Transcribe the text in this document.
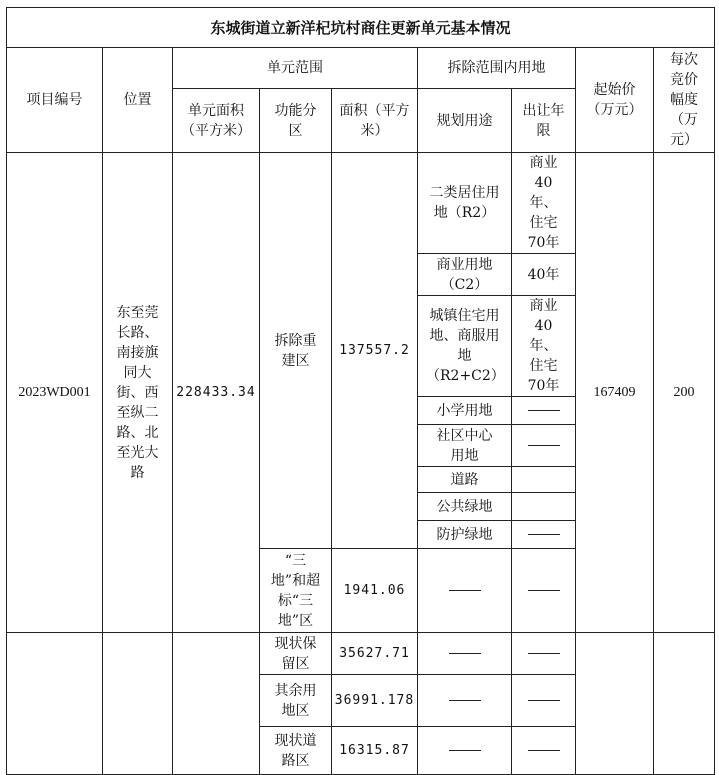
东城街道立新洋杞坑村商住更新单元基本情况								
项目编号	位置	单元范围			拆除范围内用地		起始价（万元）	每次竞价幅度（万元）
		单元面积（平方米）	功能分区	面积（平方米）	规划用途	出让年限		
2023WD001	东至莞长路、南接旗同大街、西至纵二路、北至光大路	228433.34	拆除重建区	137557.2	二类居住用地（R2）	商业40年、住宅70年	167409	200
					商业用地（C2）	40年		
					城镇住宅用地、商服用地（R2+C2）	商业40年、住宅70年		
					小学用地			
					社区中心用地			
					道路			
					公共绿地			
					防护绿地			
			“三地”和超标“三地”区	1941.06				
			现状保留区	35627.71				
			其余用地区	36991.178				
			现状道路区	16315.87				
